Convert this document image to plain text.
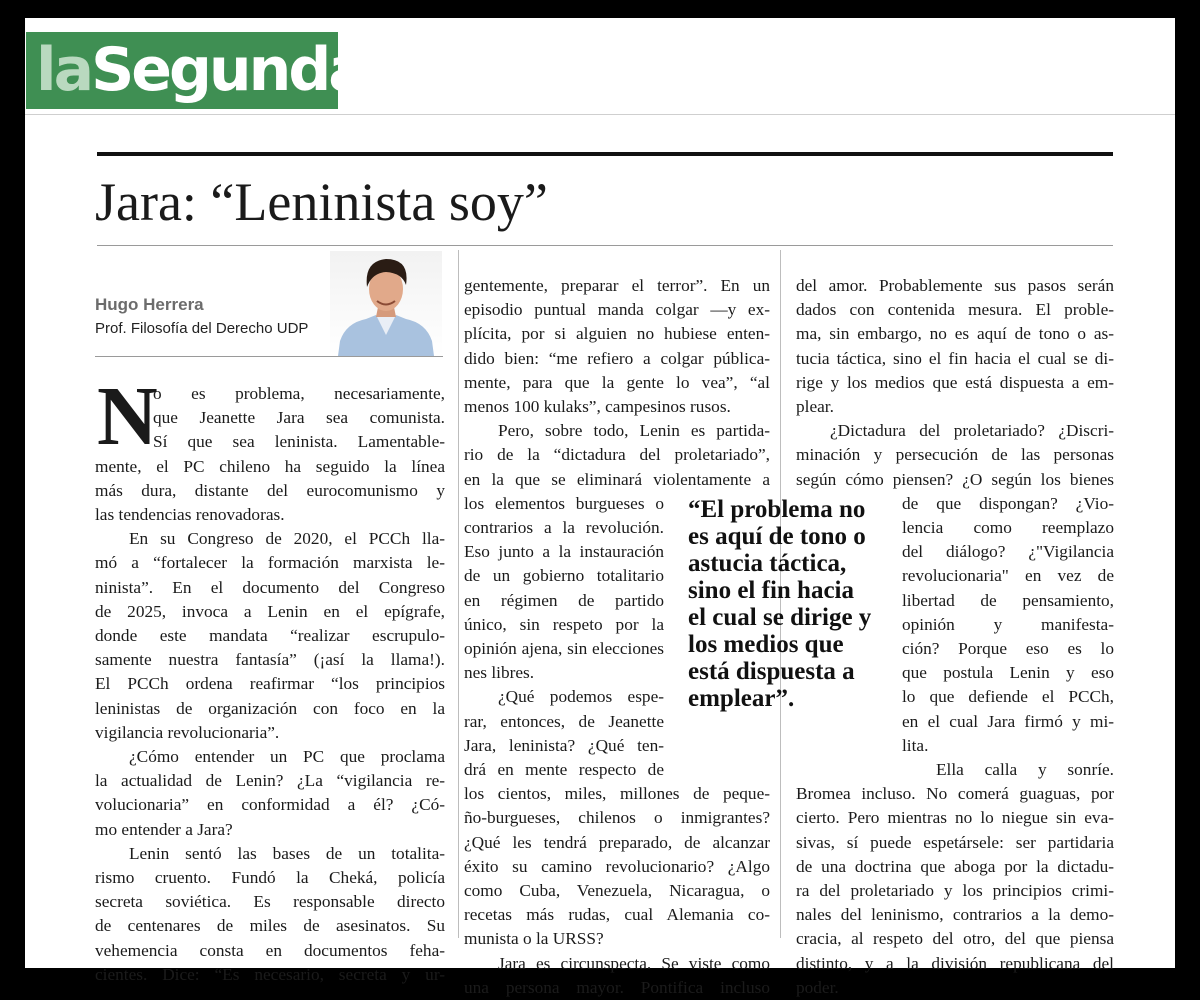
laSegunda
Jara: “Leninista soy”
Hugo Herrera
Prof. Filosofía del Derecho UDP
N
“El problema no
es aquí de tono o
astucia táctica,
sino el fin hacia
el cual se dirige y
los medios que
está dispuesta a
emplear”.
o es problema, necesariamente,
que Jeanette Jara sea comunista.
Sí que sea leninista. Lamentable-
mente, el PC chileno ha seguido la línea
más dura, distante del eurocomunismo y
las tendencias renovadoras.
En su Congreso de 2020, el PCCh lla-
mó a “fortalecer la formación marxista le-
ninista”. En el documento del Congreso
de 2025, invoca a Lenin en el epígrafe,
donde este mandata “realizar escrupulo-
samente nuestra fantasía” (¡así la llama!).
El PCCh ordena reafirmar “los principios
leninistas de organización con foco en la
vigilancia revolucionaria”.
¿Cómo entender un PC que proclama
la actualidad de Lenin? ¿La “vigilancia re-
volucionaria” en conformidad a él? ¿Có-
mo entender a Jara?
Lenin sentó las bases de un totalita-
rismo cruento. Fundó la Cheká, policía
secreta soviética. Es responsable directo
de centenares de miles de asesinatos. Su
vehemencia consta en documentos feha-
cientes. Dice: “Es necesario, secreta y ur-
gentemente, preparar el terror”. En un
episodio puntual manda colgar —y ex-
plícita, por si alguien no hubiese enten-
dido bien: “me refiero a colgar pública-
mente, para que la gente lo vea”, “al
menos 100 kulaks”, campesinos rusos.
Pero, sobre todo, Lenin es partida-
rio de la “dictadura del proletariado”,
en la que se eliminará violentamente a
los elementos burgueses o
contrarios a la revolución.
Eso junto a la instauración
de un gobierno totalitario
en régimen de partido
único, sin respeto por la
opinión ajena, sin elecciones
nes libres.
¿Qué podemos espe-
rar, entonces, de Jeanette
Jara, leninista? ¿Qué ten-
drá en mente respecto de
los cientos, miles, millones de peque-
ño-burgueses, chilenos o inmigrantes?
¿Qué les tendrá preparado, de alcanzar
éxito su camino revolucionario? ¿Algo
como Cuba, Venezuela, Nicaragua, o
recetas más rudas, cual Alemania co-
munista o la URSS?
Jara es circunspecta. Se viste como
una persona mayor. Pontifica incluso
del amor. Probablemente sus pasos serán
dados con contenida mesura. El proble-
ma, sin embargo, no es aquí de tono o as-
tucia táctica, sino el fin hacia el cual se di-
rige y los medios que está dispuesta a em-
plear.
¿Dictadura del proletariado? ¿Discri-
minación y persecución de las personas
según cómo piensen? ¿O según los bienes
de que dispongan? ¿Vio-
lencia como reemplazo
del diálogo? ¿"Vigilancia
revolucionaria" en vez de
libertad de pensamiento,
opinión y manifesta-
ción? Porque eso es lo
que postula Lenin y eso
lo que defiende el PCCh,
en el cual Jara firmó y mi-
lita.
Ella calla y sonríe.
Bromea incluso. No comerá guaguas, por
cierto. Pero mientras no lo niegue sin eva-
sivas, sí puede espetársele: ser partidaria
de una doctrina que aboga por la dictadu-
ra del proletariado y los principios crimi-
nales del leninismo, contrarios a la demo-
cracia, al respeto del otro, del que piensa
distinto, y a la división republicana del
poder.
